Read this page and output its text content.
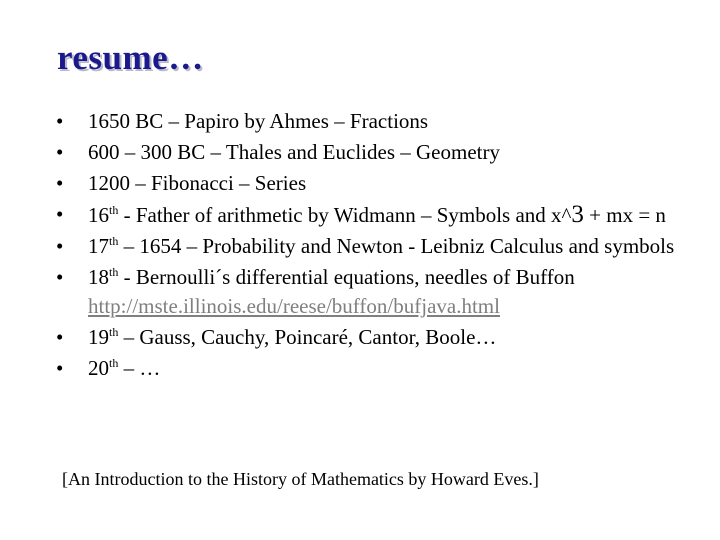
resume…
• 1650 BC – Papiro by Ahmes – Fractions
• 600 – 300 BC – Thales and Euclides – Geometry
• 1200 – Fibonacci – Series
• 16th - Father of arithmetic by Widmann – Symbols and x^3 + mx = n
• 17th – 1654 – Probability and Newton - Leibniz Calculus and symbols
• 18th - Bernoulli´s differential equations, needles of Buffon http://mste.illinois.edu/reese/buffon/bufjava.html
• 19th – Gauss, Cauchy, Poincaré, Cantor, Boole…
• 20th – …
[An Introduction to the History of Mathematics by Howard Eves.]
